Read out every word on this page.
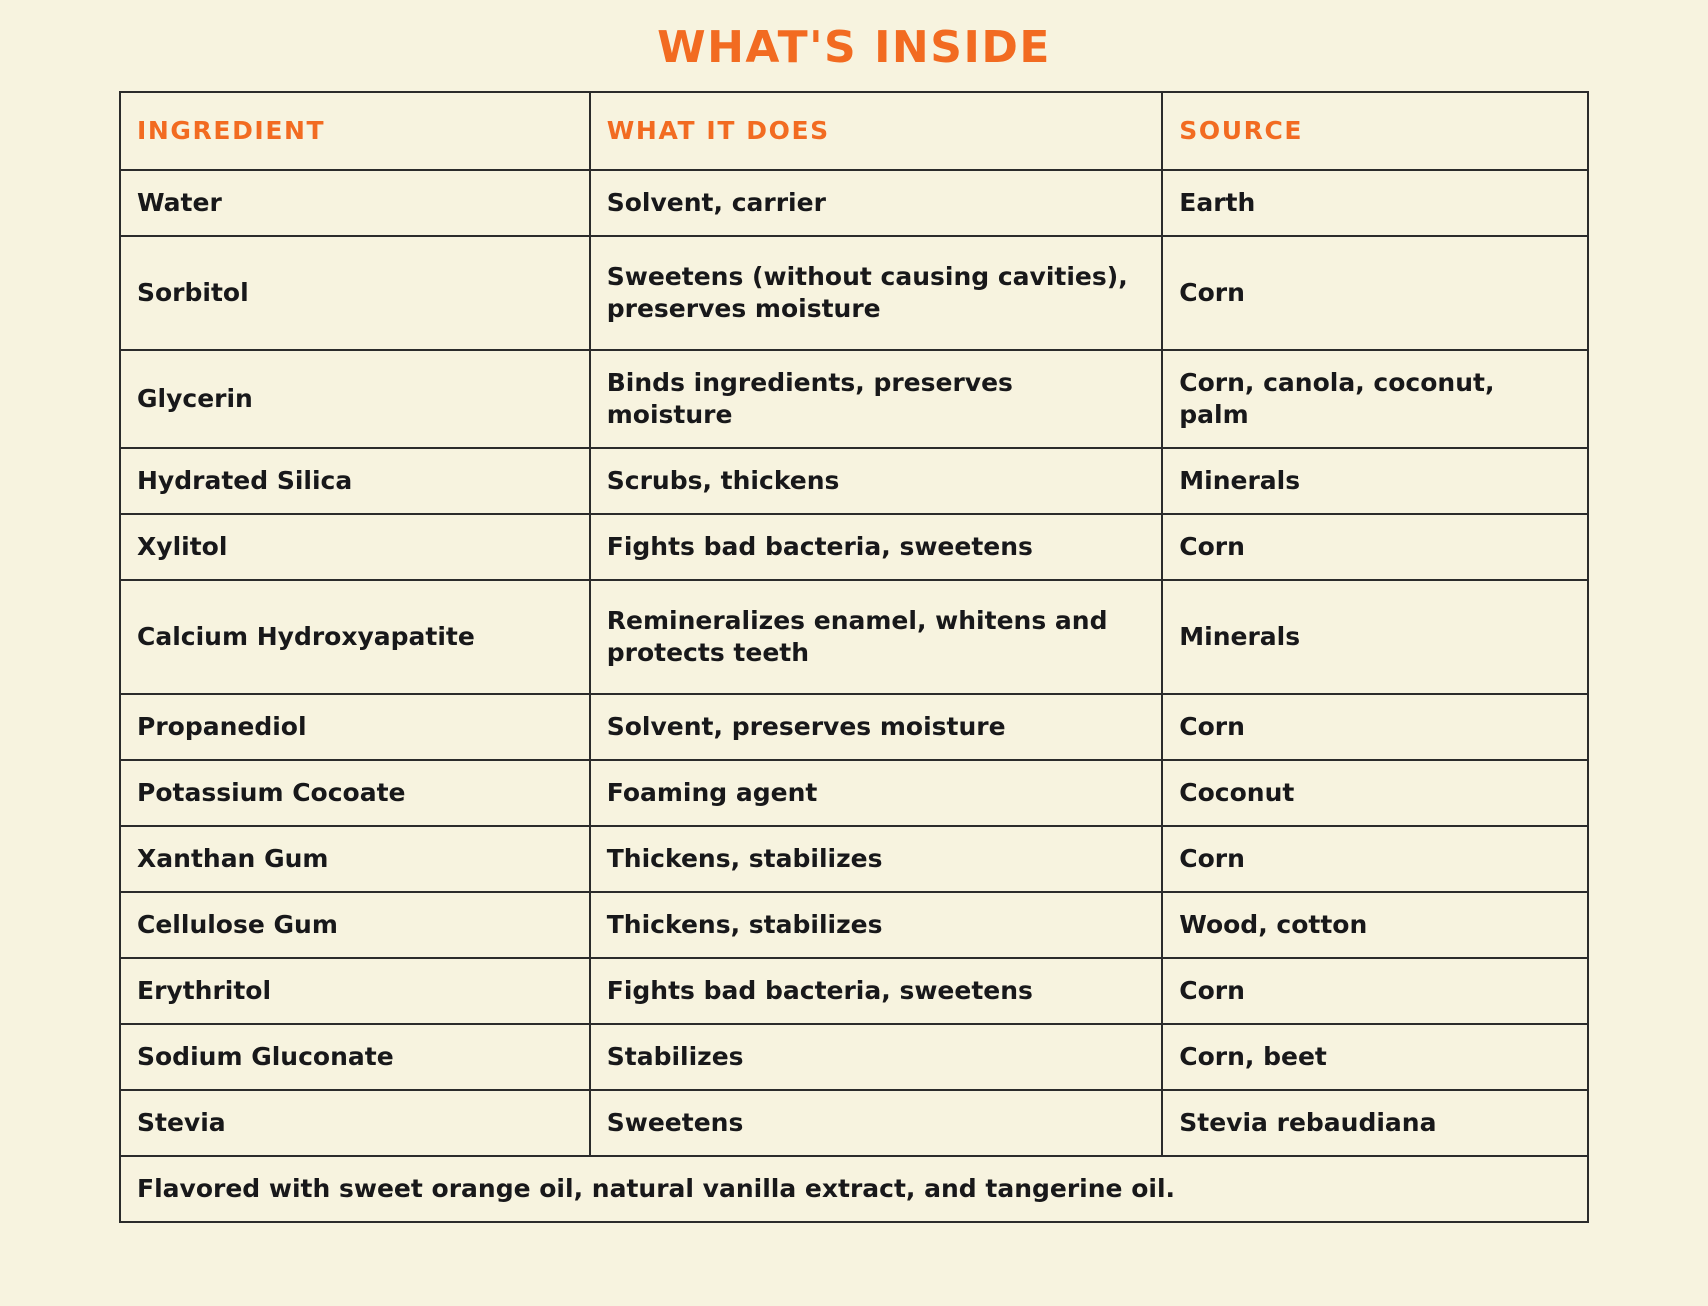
WHAT'S INSIDE
INGREDIENT	WHAT IT DOES	SOURCE
Water	Solvent, carrier	Earth
Sorbitol	Sweetens (without causing cavities), preserves moisture	Corn
Glycerin	Binds ingredients, preserves moisture	Corn, canola, coconut, palm
Hydrated Silica	Scrubs, thickens	Minerals
Xylitol	Fights bad bacteria, sweetens	Corn
Calcium Hydroxyapatite	Remineralizes enamel, whitens and protects teeth	Minerals
Propanediol	Solvent, preserves moisture	Corn
Potassium Cocoate	Foaming agent	Coconut
Xanthan Gum	Thickens, stabilizes	Corn
Cellulose Gum	Thickens, stabilizes	Wood, cotton
Erythritol	Fights bad bacteria, sweetens	Corn
Sodium Gluconate	Stabilizes	Corn, beet
Stevia	Sweetens	Stevia rebaudiana
Flavored with sweet orange oil, natural vanilla extract, and tangerine oil.		
